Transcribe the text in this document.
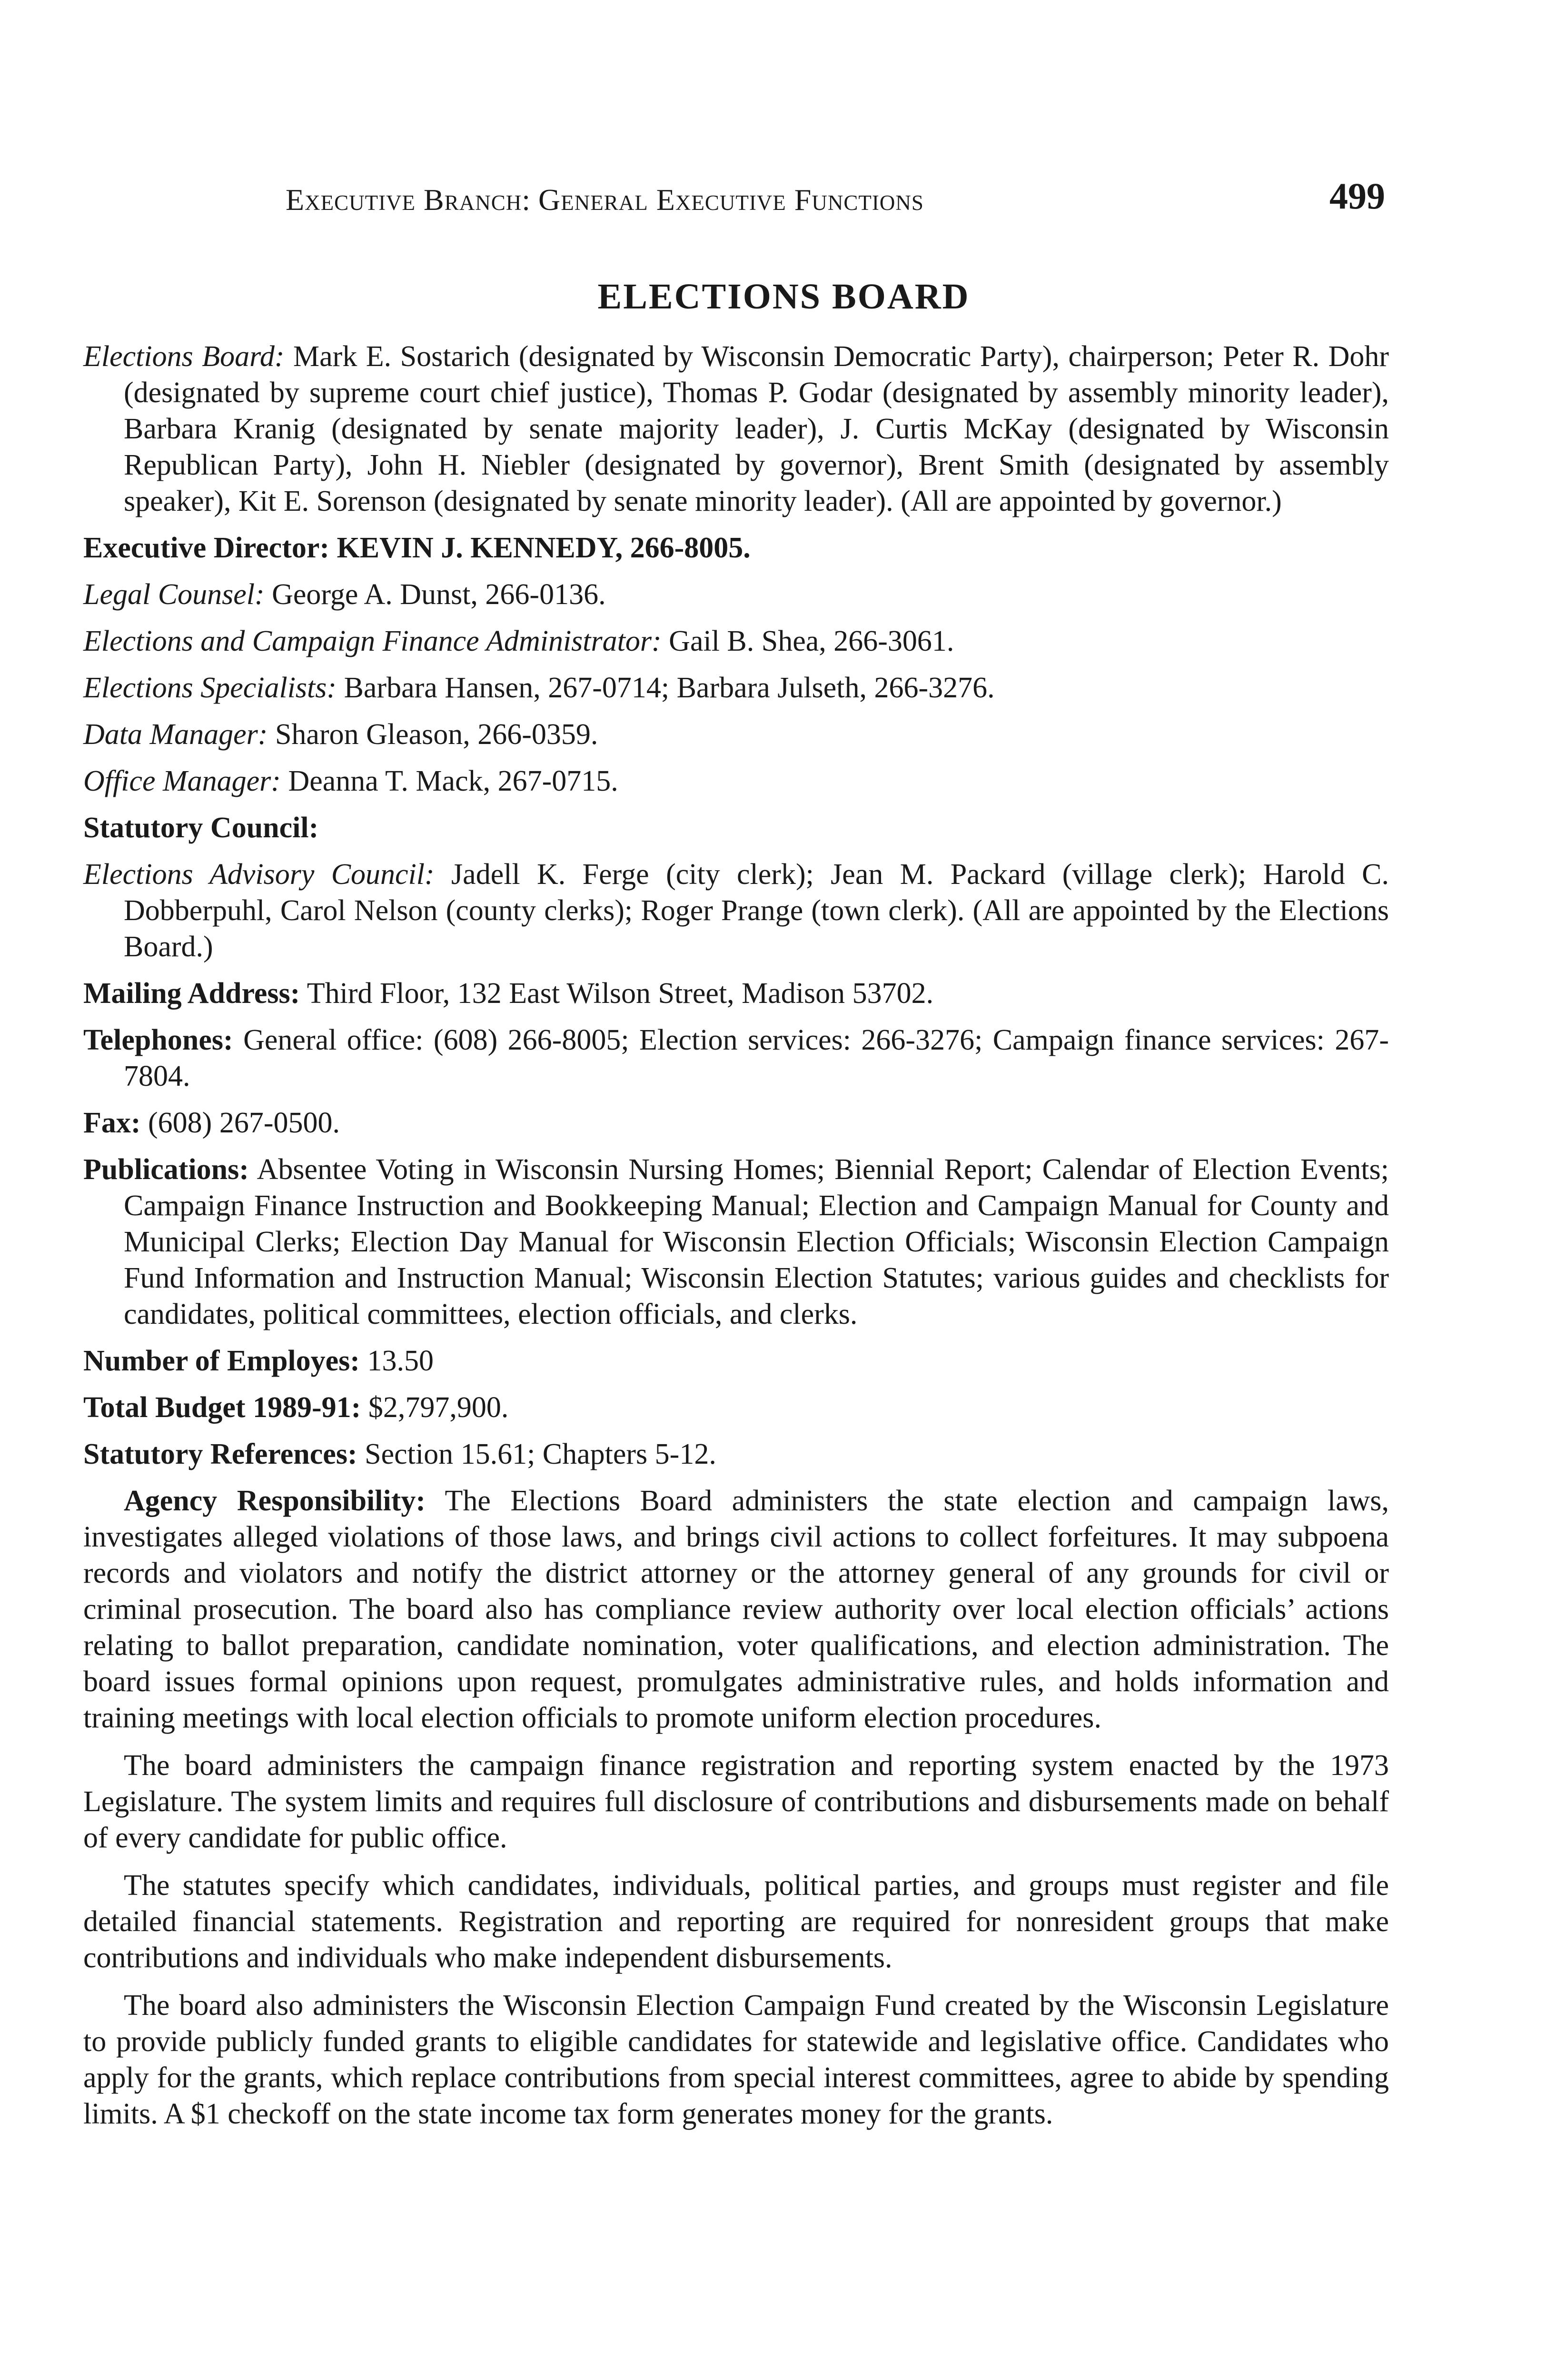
Executive Branch: General Executive Functions	499
ELECTIONS BOARD
Elections Board: Mark E. Sostarich (designated by Wisconsin Democratic Party), chairperson; Peter R. Dohr (designated by supreme court chief justice), Thomas P. Godar (designated by assembly minority leader), Barbara Kranig (designated by senate majority leader), J. Curtis McKay (designated by Wisconsin Republican Party), John H. Niebler (designated by governor), Brent Smith (designated by assembly speaker), Kit E. Sorenson (designated by senate minority leader). (All are appointed by governor.)
Executive Director: KEVIN J. KENNEDY, 266-8005.
Legal Counsel: George A. Dunst, 266-0136.
Elections and Campaign Finance Administrator: Gail B. Shea, 266-3061.
Elections Specialists: Barbara Hansen, 267-0714; Barbara Julseth, 266-3276.
Data Manager: Sharon Gleason, 266-0359.
Office Manager: Deanna T. Mack, 267-0715.
Statutory Council:
Elections Advisory Council: Jadell K. Ferge (city clerk); Jean M. Packard (village clerk); Harold C. Dobberpuhl, Carol Nelson (county clerks); Roger Prange (town clerk). (All are appointed by the Elections Board.)
Mailing Address: Third Floor, 132 East Wilson Street, Madison 53702.
Telephones: General office: (608) 266-8005; Election services: 266-3276; Campaign finance services: 267-7804.
Fax: (608) 267-0500.
Publications: Absentee Voting in Wisconsin Nursing Homes; Biennial Report; Calendar of Election Events; Campaign Finance Instruction and Bookkeeping Manual; Election and Campaign Manual for County and Municipal Clerks; Election Day Manual for Wisconsin Election Officials; Wisconsin Election Campaign Fund Information and Instruction Manual; Wisconsin Election Statutes; various guides and checklists for candidates, political committees, election officials, and clerks.
Number of Employes: 13.50
Total Budget 1989-91: $2,797,900.
Statutory References: Section 15.61; Chapters 5-12.

Agency Responsibility: The Elections Board administers the state election and campaign laws, investigates alleged violations of those laws, and brings civil actions to collect forfeitures. It may subpoena records and violators and notify the district attorney or the attorney general of any grounds for civil or criminal prosecution. The board also has compliance review authority over local election officials’ actions relating to ballot preparation, candidate nomination, voter qualifications, and election administration. The board issues formal opinions upon request, promulgates administrative rules, and holds information and training meetings with local election officials to promote uniform election procedures.

The board administers the campaign finance registration and reporting system enacted by the 1973 Legislature. The system limits and requires full disclosure of contributions and disbursements made on behalf of every candidate for public office.

The statutes specify which candidates, individuals, political parties, and groups must register and file detailed financial statements. Registration and reporting are required for nonresident groups that make contributions and individuals who make independent disbursements.

The board also administers the Wisconsin Election Campaign Fund created by the Wisconsin Legislature to provide publicly funded grants to eligible candidates for statewide and legislative office. Candidates who apply for the grants, which replace contributions from special interest committees, agree to abide by spending limits. A $1 checkoff on the state income tax form generates money for the grants.
